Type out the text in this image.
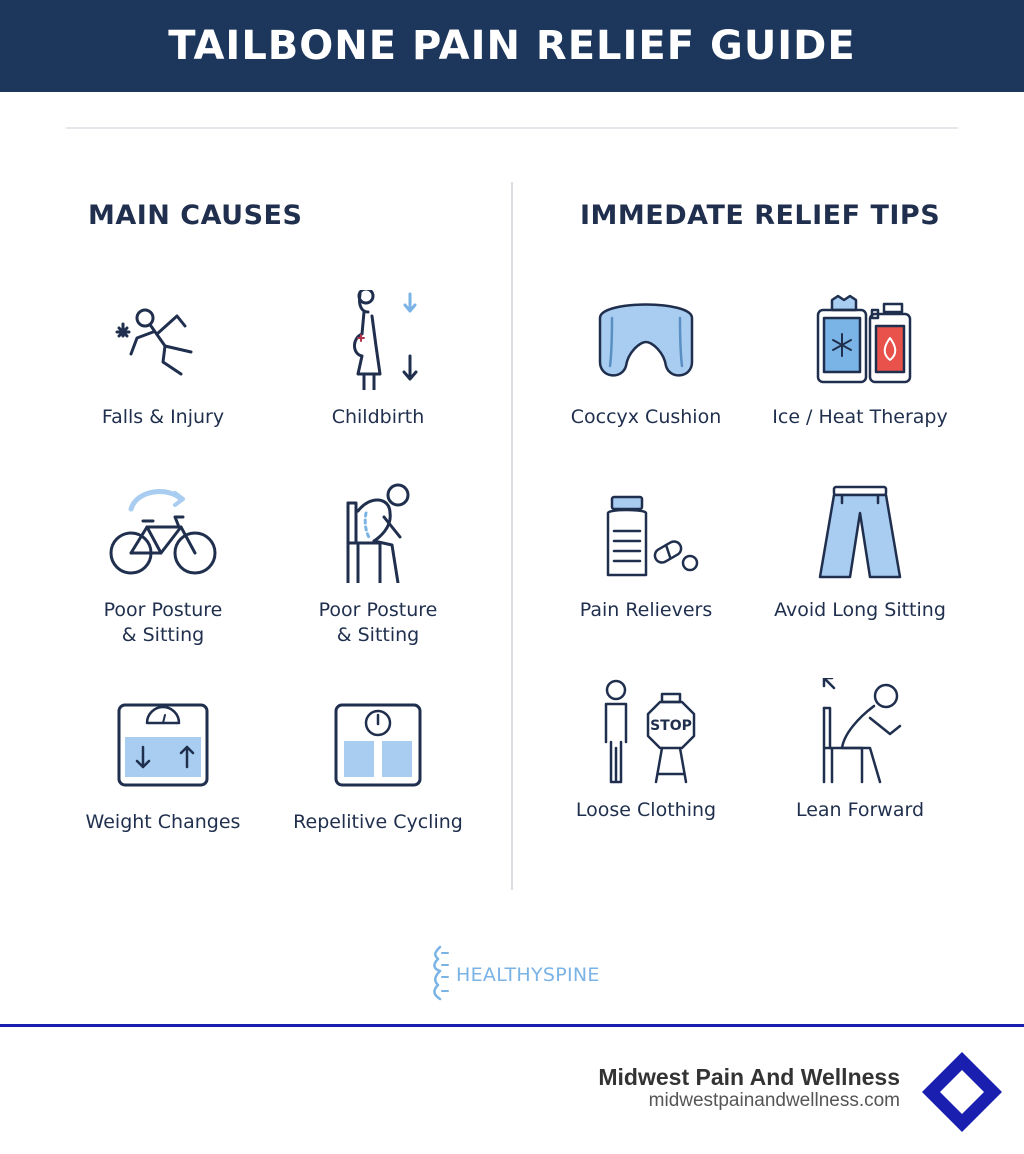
TAILBONE PAIN RELIEF GUIDE
MAIN CAUSES	IMMEDATE RELIEF TIPS
Falls & Injury	Childbirth
Poor Posture
& Sitting
Poor Posture
& Sitting
Weight Changes	Repelitive Cycling
Coccyx Cushion	Ice / Heat Therapy
Pain Relievers	Avoid Long Sitting
STOP
Loose Clothing	Lean Forward
HEALTHYSPINE
Midwest Pain And Wellness
midwestpainandwellness.com
